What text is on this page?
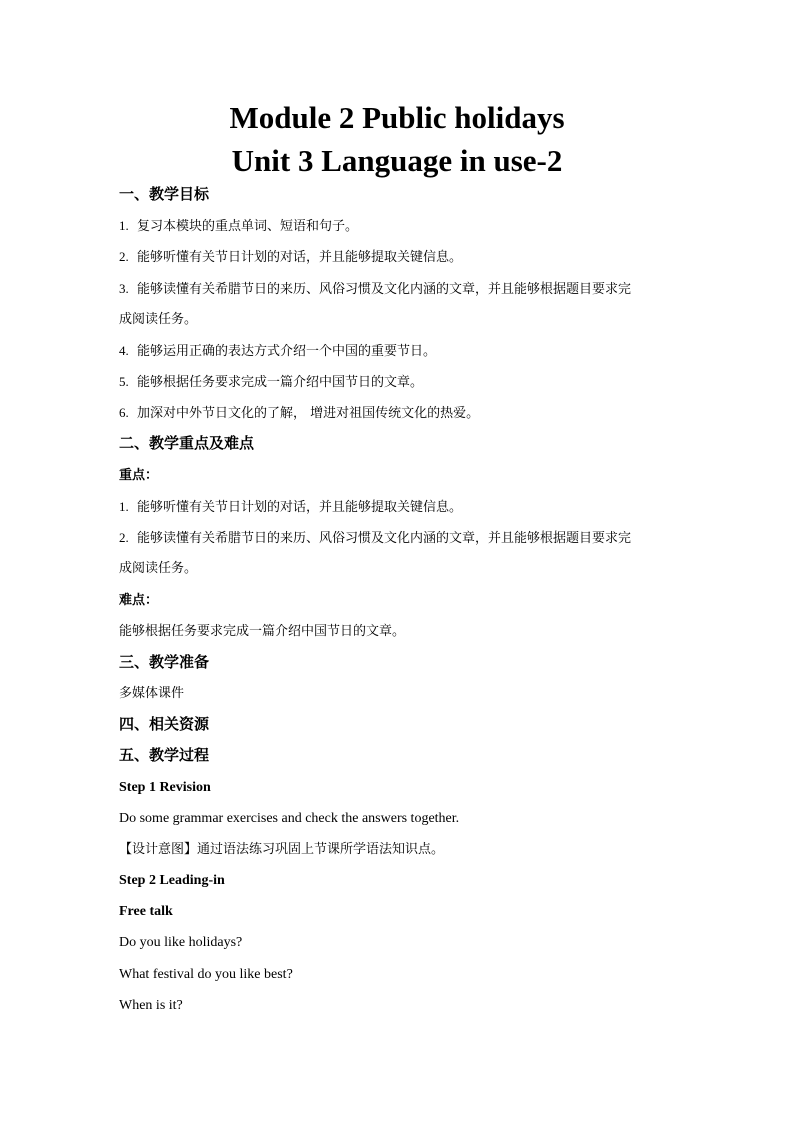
Module 2 Public holidays
Unit 3 Language in use-2
一、教学目标
1. 复习本模块的重点单词、短语和句子。
2. 能够听懂有关节日计划的对话，并且能够提取关键信息。
3. 能够读懂有关希腊节日的来历、风俗习惯及文化内涵的文章，并且能够根据题目要求完
成阅读任务。
4. 能够运用正确的表达方式介绍一个中国的重要节日。
5. 能够根据任务要求完成一篇介绍中国节日的文章。
6. 加深对中外节日文化的了解， 增进对祖国传统文化的热爱。
二、教学重点及难点
重点：
1. 能够听懂有关节日计划的对话，并且能够提取关键信息。
2. 能够读懂有关希腊节日的来历、风俗习惯及文化内涵的文章，并且能够根据题目要求完
成阅读任务。
难点：
能够根据任务要求完成一篇介绍中国节日的文章。
三、教学准备
多媒体课件
四、相关资源
五、教学过程
Step 1 Revision
Do some grammar exercises and check the answers together.
【设计意图】通过语法练习巩固上节课所学语法知识点。
Step 2 Leading-in
Free talk
Do you like holidays?
What festival do you like best?
When is it?
